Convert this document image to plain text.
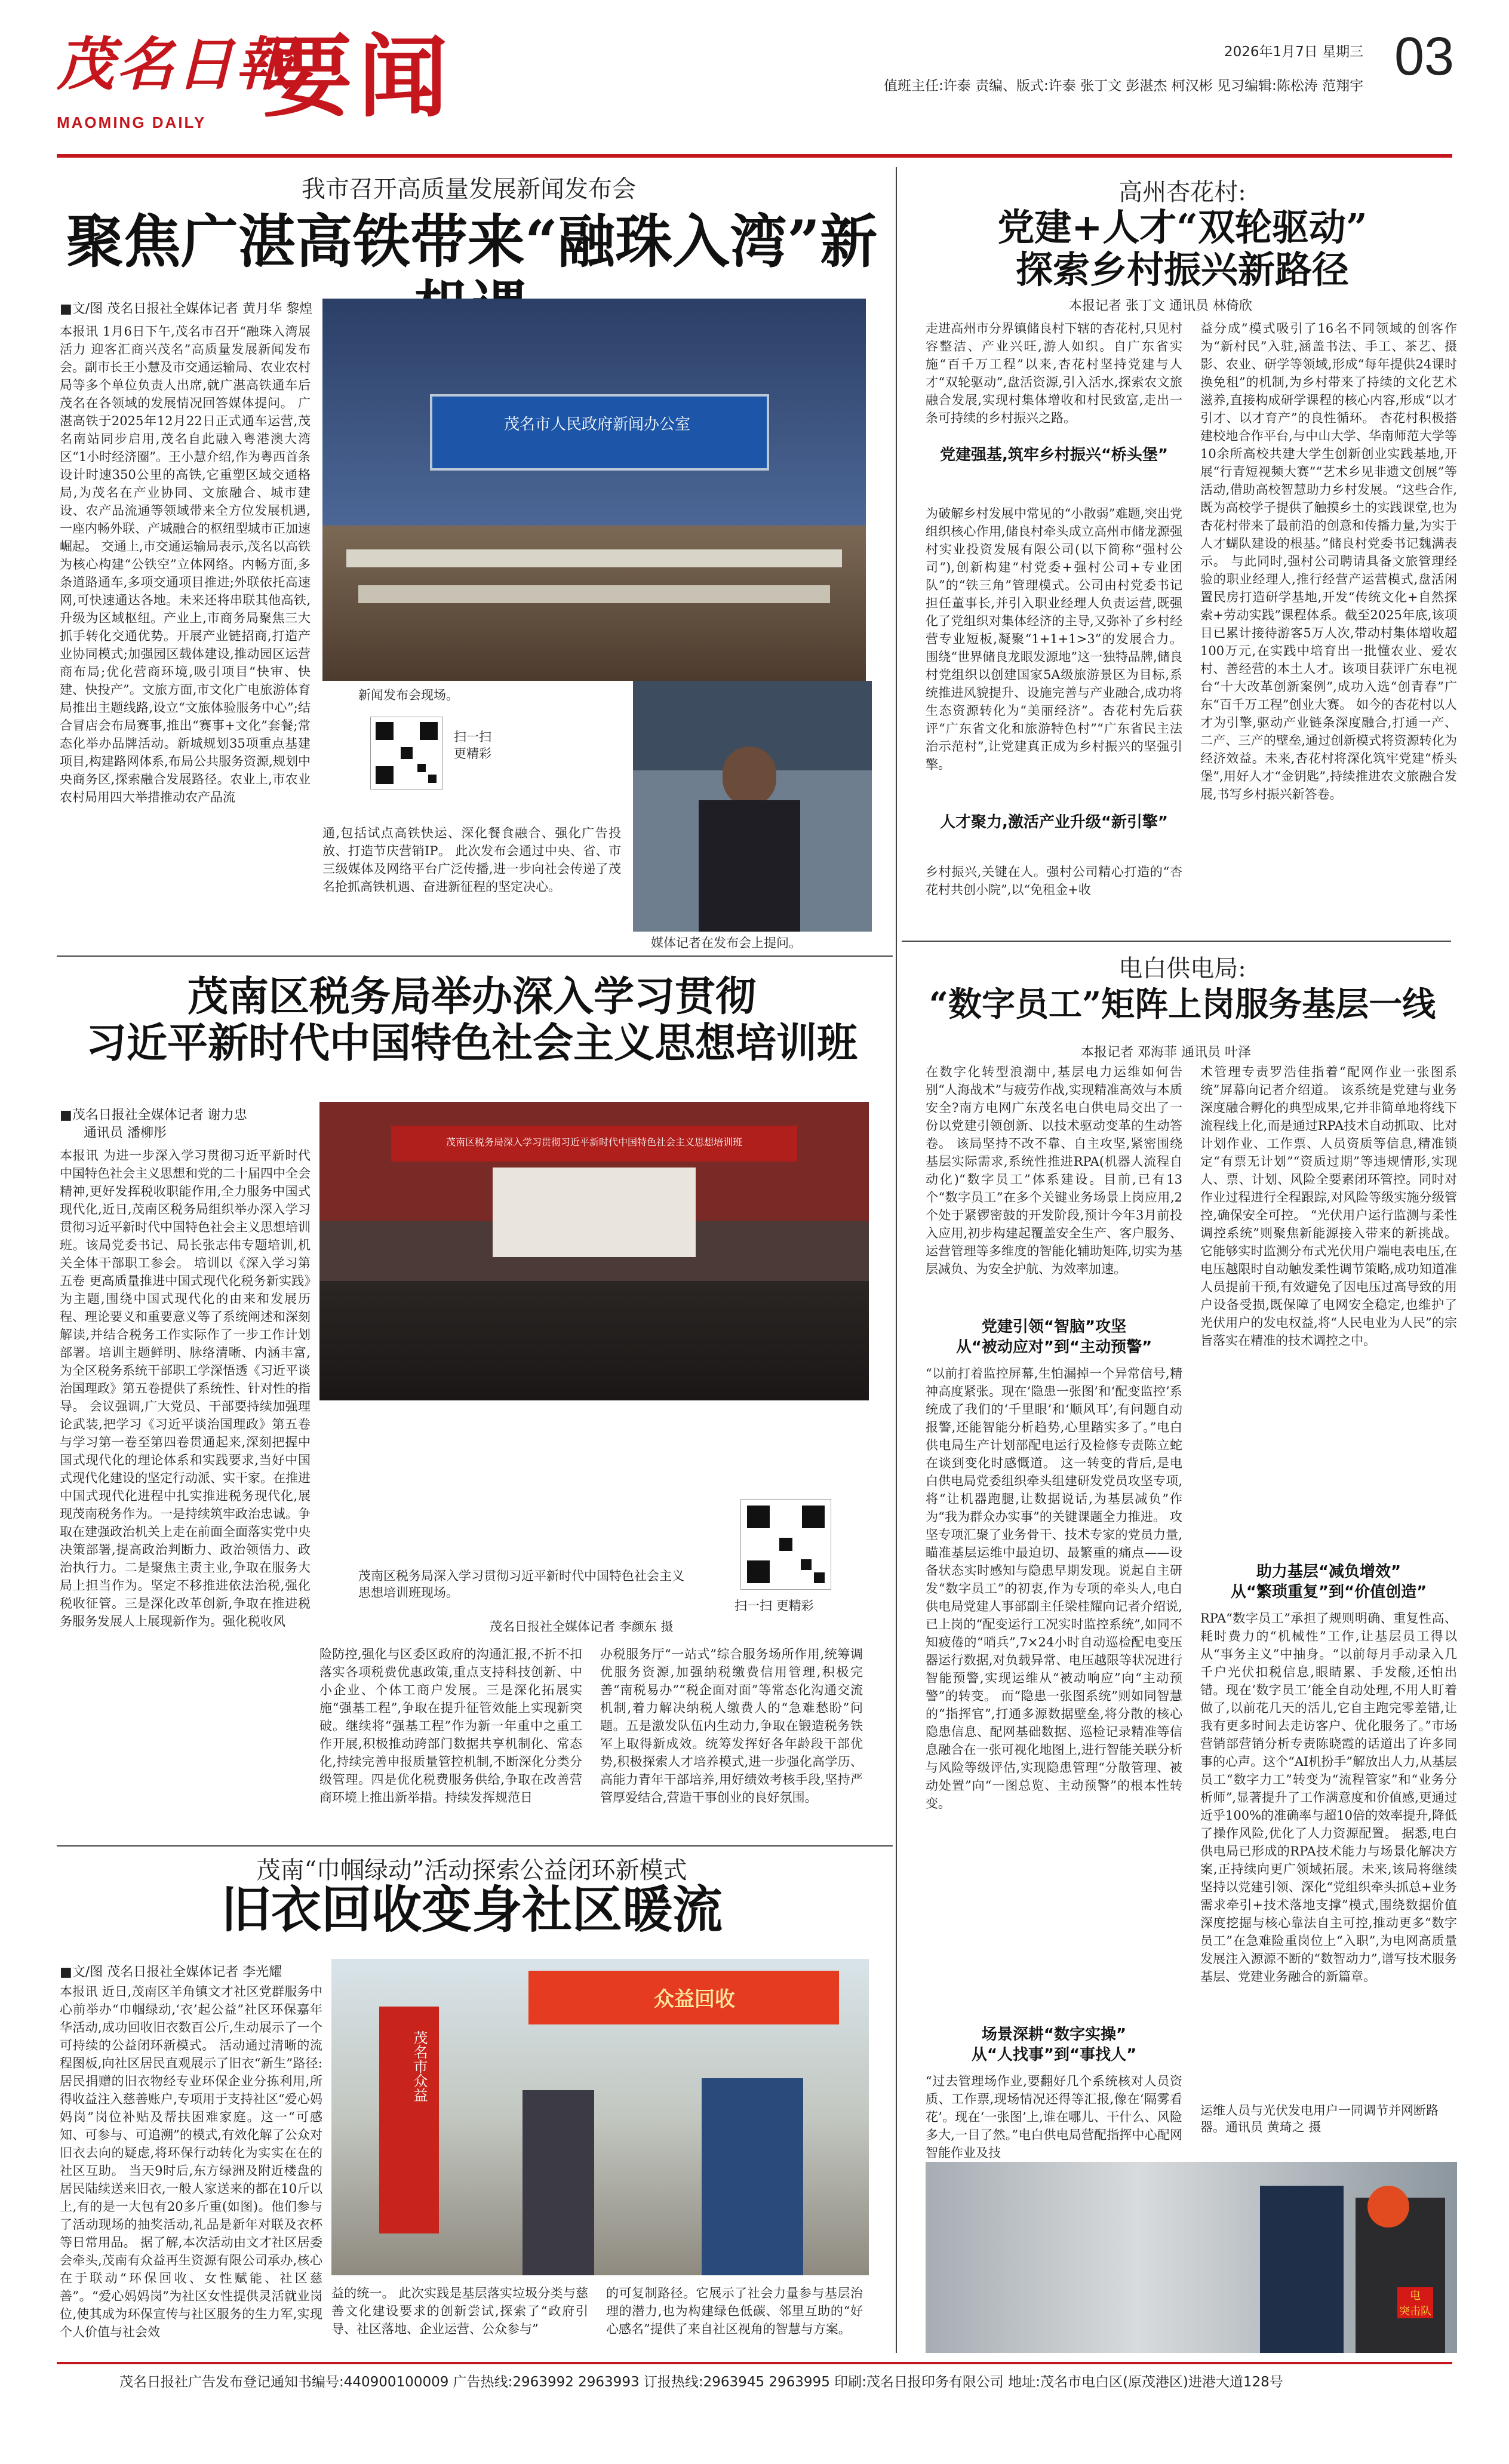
茂名日報
MAOMING DAILY 要闻	2026年1月7日 星期三 03
值班主任:许泰 责编、版式:许泰 张丁文 彭湛杰 柯汉彬 见习编辑:陈松涛 范翔宇
我市召开高质量发展新闻发布会
聚焦广湛高铁带来“融珠入湾”新
■文/图 茂名日报社全媒体记者 黄月华 黎煌
本报讯 1月6日下午,茂名市召开“融珠入湾展活力 迎客汇商兴茂名”高质量发展新闻发布会。副市长王小慧及市交通运输局、农业农村局等多个单位负责人出席,就广湛高铁通车后茂名在各领域的发展情况回答媒体提问。 广湛高铁于2025年12月22日正式通车运营,茂名南站同步启用,茂名自此融入粤港澳大湾区“1小时经济圈”。王小慧介绍,作为粤西首条设计时速350公里的高铁,它重塑区域交通格局,为茂名在产业协同、文旅融合、城市建设、农产品流通等领域带来全方位发展机遇,一座内畅外联、产城融合的枢纽型城市正加速崛起。 交通上,市交通运输局表示,茂名以高铁为核心构建“公铁空”立体网络。内畅方面,多条道路通车,多项交通项目推进;外联依托高速网,可快速通达各地。未来还将串联其他高铁,升级为区域枢纽。产业上,市商务局聚焦三大抓手转化交通优势。开展产业链招商,打造产业协同模式;加强园区载体建设,推动园区运营商布局;优化营商环境,吸引项目“快审、快建、快投产”。文旅方面,市文化广电旅游体育局推出主题线路,设立“文旅体验服务中心”;结合冒店会布局赛事,推出“赛事+文化”套餐;常态化举办品牌活动。新城规划35项重点基建项目,构建路网体系,布局公共服务资源,规划中央商务区,探索融合发展路径。农业上,市农业农村局用四大举措推动农产品流
茂名市人民政府新闻办公室
新闻发布会现场。
扫一扫
更精彩
媒体记者在发布会上提问。
通,包括试点高铁快运、深化餐食融合、强化广告投放、打造节庆营销IP。 此次发布会通过中央、省、市三级媒体及网络平台广泛传播,进一步向社会传递了茂名抢抓高铁机遇、奋进新征程的坚定决心。
高州杏花村:
党建+人才“双轮驱动”
探索乡村振兴新路径
本报记者 张丁文 通讯员 林倚欣
走进高州市分界镇储良村下辖的杏花村,只见村容整洁、产业兴旺,游人如织。自广东省实施“百千万工程”以来,杏花村坚持党建与人才“双轮驱动”,盘活资源,引入活水,探索农文旅融合发展,实现村集体增收和村民致富,走出一条可持续的乡村振兴之路。
党建强基,筑牢乡村振兴“桥头堡”
为破解乡村发展中常见的“小散弱”难题,突出党组织核心作用,储良村牵头成立高州市储龙源强村实业投资发展有限公司(以下简称“强村公司”),创新构建“村党委+强村公司+专业团队”的“铁三角”管理模式。公司由村党委书记担任董事长,并引入职业经理人负责运营,既强化了党组织对集体经济的主导,又弥补了乡村经营专业短板,凝聚“1+1+1>3”的发展合力。 围绕“世界储良龙眼发源地”这一独特品牌,储良村党组织以创建国家5A级旅游景区为目标,系统推进风貌提升、设施完善与产业融合,成功将生态资源转化为“美丽经济”。杏花村先后获评“广东省文化和旅游特色村”“广东省民主法治示范村”,让党建真正成为乡村振兴的坚强引擎。
人才聚力,激活产业升级“新引擎”
乡村振兴,关键在人。强村公司精心打造的“杏花村共创小院”,以“免租金+收
益分成”模式吸引了16名不同领域的创客作为“新村民”入驻,涵盖书法、手工、茶艺、摄影、农业、研学等领域,形成“每年提供24课时换免租”的机制,为乡村带来了持续的文化艺术滋养,直接构成研学课程的核心内容,形成“以才引才、以才育产”的良性循环。 杏花村积极搭建校地合作平台,与中山大学、华南师范大学等10余所高校共建大学生创新创业实践基地,开展“行青短视频大赛”“艺术乡见非遗文创展”等活动,借助高校智慧助力乡村发展。“这些合作,既为高校学子提供了触摸乡土的实践课堂,也为杏花村带来了最前沿的创意和传播力量,为实于人才蝴队建设的根基。”储良村党委书记魏满表示。 与此同时,强村公司聘请具备文旅管理经验的职业经理人,推行经营产运营模式,盘活闲置民房打造研学基地,开发“传统文化+自然探索+劳动实践”课程体系。截至2025年底,该项目已累计接待游客5万人次,带动村集体增收超100万元,在实践中培育出一批懂农业、爱农村、善经营的本土人才。该项目获评广东电视台“十大改革创新案例”,成功入选“创青春”广东“百千万工程”创业大赛。 如今的杏花村以人才为引擎,驱动产业链条深度融合,打通一产、二产、三产的壁垒,通过创新模式将资源转化为经济效益。未来,杏花村将深化筑牢党建“桥头堡”,用好人才“金钥匙”,持续推进农文旅融合发展,书写乡村振兴新答卷。
茂南区税务局举办深入学习贯彻
习近平新时代中国特色社会主义思想培训班
■茂名日报社全媒体记者 谢力忠
通讯员 潘柳彤
本报讯 为进一步深入学习贯彻习近平新时代中国特色社会主义思想和党的二十届四中全会精神,更好发挥税收职能作用,全力服务中国式现代化,近日,茂南区税务局组织举办深入学习贯彻习近平新时代中国特色社会主义思想培训班。该局党委书记、局长张志伟专题培训,机关全体干部职工参会。 培训以《深入学习第五卷 更高质量推进中国式现代化税务新实践》为主题,围绕中国式现代化的由来和发展历程、理论要义和重要意义等了系统阐述和深刻解读,并结合税务工作实际作了一步工作计划部署。培训主题鲜明、脉络清晰、内涵丰富,为全区税务系统干部职工学深悟透《习近平谈治国理政》第五卷提供了系统性、针对性的指导。 会议强调,广大党员、干部要持续加强理论武装,把学习《习近平谈治国理政》第五卷与学习第一卷至第四卷贯通起来,深刻把握中国式现代化的理论体系和实践要求,当好中国式现代化建设的坚定行动派、实干家。在推进中国式现代化进程中扎实推进税务现代化,展现茂南税务作为。一是持续筑牢政治忠诚。争取在建强政治机关上走在前面全面落实党中央决策部署,提高政治判断力、政治领悟力、政治执行力。二是聚焦主责主业,争取在服务大局上担当作为。坚定不移推进依法治税,强化税收征管。三是深化改革创新,争取在推进税务服务发展人上展现新作为。强化税收风
茂南区税务局深入学习贯彻习近平新时代中国特色社会主义思想培训班
茂南区税务局深入学习贯彻习近平新时代中国特色社会主义思想培训班现场。
茂名日报社全媒体记者 李颜东 摄
扫一扫 更精彩
险防控,强化与区委区政府的沟通汇报,不折不扣落实各项税费优惠政策,重点支持科技创新、中小企业、个体工商户发展。三是深化拓展实施“强基工程”,争取在提升征管效能上实现新突破。继续将“强基工程”作为新一年重中之重工作开展,积极推动跨部门数据共享机制化、常态化,持续完善申报质量管控机制,不断深化分类分级管理。四是优化税费服务供给,争取在改善营商环境上推出新举措。持续发挥规范日
办税服务厅“一站式”综合服务场所作用,统筹调优服务资源,加强纳税缴费信用管理,积极完善“南税易办”“税企面对面”等常态化沟通交流机制,着力解决纳税人缴费人的“急难愁盼”问题。五是激发队伍内生动力,争取在锻造税务铁军上取得新成效。统筹发挥好各年龄段干部优势,积极探索人才培养模式,进一步强化高学历、高能力青年干部培养,用好绩效考核手段,坚持严管厚爱结合,营造干事创业的良好氛围。
电白供电局:
“数字员工”矩阵上岗服务基层一线
本报记者 邓海菲 通讯员 叶泽
在数字化转型浪潮中,基层电力运维如何告别“人海战术”与疲劳作战,实现精准高效与本质安全?南方电网广东茂名电白供电局交出了一份以党建引领创新、以技术驱动变革的生动答卷。 该局坚持不改不靠、自主攻坚,紧密围绕基层实际需求,系统性推进RPA(机器人流程自动化)“数字员工”体系建设。目前,已有13个“数字员工”在多个关键业务场景上岗应用,2个处于紧锣密鼓的开发阶段,预计今年3月前投入应用,初步构建起覆盖安全生产、客户服务、运营管理等多维度的智能化辅助矩阵,切实为基层减负、为安全护航、为效率加速。
党建引领“智脑”攻坚
从“被动应对”到“主动预警”
“以前打着监控屏幕,生怕漏掉一个异常信号,精神高度紧张。现在‘隐患一张图’和‘配变监控’系统成了我们的‘千里眼’和‘顺风耳’,有问题自动报警,还能智能分析趋势,心里踏实多了。”电白供电局生产计划部配电运行及检修专责陈立蛇在谈到变化时感慨道。 这一转变的背后,是电白供电局党委组织牵头组建研发党员攻坚专项,将“让机器跑腿,让数据说话,为基层减负”作为“我为群众办实事”的关键课题全力推进。 攻坚专项汇聚了业务骨干、技术专家的党员力量,瞄准基层运维中最迫切、最繁重的痛点——设备状态实时感知与隐患早期发现。说起自主研发“数字员工”的初衷,作为专项的牵头人,电白供电局党建人事部副主任梁桂耀向记者介绍说,已上岗的“配变运行工况实时监控系统”,如同不知疲倦的“哨兵”,7×24小时自动巡检配电变压器运行数据,对负载异常、电压越限等状况进行智能预警,实现运维从“被动响应”向“主动预警”的转变。 而“隐患一张图系统”则如同智慧的“指挥官”,打通多源数据壁垒,将分散的核心隐患信息、配网基础数据、巡检记录精准等信息融合在一张可视化地图上,进行智能关联分析与风险等级评估,实现隐患管理“分散管理、被动处置”向“一图总览、主动预警”的根本性转变。
场景深耕“数字实操”
从“人找事”到“事找人”
“过去管理场作业,要翻好几个系统核对人员资质、工作票,现场情况还得等汇报,像在‘隔雾看花’。现在‘一张图’上,谁在哪儿、干什么、风险多大,一目了然。”电白供电局营配指挥中心配网智能作业及技
术管理专责罗浩佳指着“配网作业一张图系统”屏幕向记者介绍道。 该系统是党建与业务深度融合孵化的典型成果,它并非简单地将线下流程线上化,而是通过RPA技术自动抓取、比对计划作业、工作票、人员资质等信息,精准锁定“有票无计划”“资质过期”等违规情形,实现人、票、计划、风险全要素闭环管控。同时对作业过程进行全程跟踪,对风险等级实施分级管控,确保安全可控。 “光伏用户运行监测与柔性调控系统”则聚焦新能源接入带来的新挑战。它能够实时监测分布式光伏用户端电表电压,在电压越限时自动触发柔性调节策略,成功知道准人员提前干预,有效避免了因电压过高导致的用户设备受损,既保障了电网安全稳定,也维护了光伏用户的发电权益,将“人民电业为人民”的宗旨落实在精准的技术调控之中。
助力基层“减负增效”
从“繁琐重复”到“价值创造”
RPA“数字员工”承担了规则明确、重复性高、耗时费力的“机械性”工作,让基层员工得以从“事务主义”中抽身。“以前每月手动录入几千户光伏扣税信息,眼睛累、手发酸,还怕出错。现在‘数字员工’能全自动处理,不用人盯着做了,以前花几天的活儿,它自主跑完零差错,让我有更多时间去走访客户、优化服务了。”市场营销部营销分析专责陈晓霞的话道出了许多同事的心声。这个“AI机扮手”解放出人力,从基层员工“数字力工”转变为“流程管家”和“业务分析师”,显著提升了工作满意度和价值感,更通过近乎100%的准确率与超10倍的效率提升,降低了操作风险,优化了人力资源配置。 据悉,电白供电局已形成的RPA技术能力与场景化解决方案,正持续向更广领域拓展。未来,该局将继续坚持以党建引领、深化“党组织牵头抓总+业务需求牵引+技术落地支撑”模式,围绕数据价值深度挖掘与核心靠法自主可控,推动更多“数字员工”在急难险重岗位上“入职”,为电网高质量发展注入源源不断的“数智动力”,谱写技术服务基层、党建业务融合的新篇章。
运维人员与光伏发电用户一同调节并网断路器。通讯员 黄琦之 摄
电
突击队
茂南“巾帼绿动”活动探索公益闭环新模式
旧衣回收变身社区暖流
■文/图 茂名日报社全媒体记者 李光耀
本报讯 近日,茂南区羊角镇文才社区党群服务中心前举办“巾帼绿动,‘衣’起公益”社区环保嘉年华活动,成功回收旧衣数百公斤,生动展示了一个可持续的公益闭环新模式。 活动通过清晰的流程图板,向社区居民直观展示了旧衣“新生”路径:居民捐赠的旧衣物经专业环保企业分拣利用,所得收益注入慈善账户,专项用于支持社区“爱心妈妈岗”岗位补贴及帮扶困难家庭。这一“可感知、可参与、可追溯”的模式,有效化解了公众对旧衣去向的疑虑,将环保行动转化为实实在在的社区互助。 当天9时后,东方绿洲及附近楼盘的居民陆续送来旧衣,一般人家送来的都在10斤以上,有的是一大包有20多斤重(如图)。他们参与了活动现场的抽奖活动,礼品是新年对联及衣杯等日常用品。 据了解,本次活动由文才社区居委会牵头,茂南有众益再生资源有限公司承办,核心在于联动“环保回收、女性赋能、社区慈善”。“爱心妈妈岗”为社区女性提供灵活就业岗位,使其成为环保宣传与社区服务的生力军,实现个人价值与社会效
众益回收
茂名市众益
益的统一。 此次实践是基层落实垃圾分类与慈善文化建设要求的创新尝试,探索了“政府引导、社区落地、企业运营、公众参与”
的可复制路径。它展示了社会力量参与基层治理的潜力,也为构建绿色低碳、邻里互助的“好心感名”提供了来自社区视角的智慧与方案。
茂名日报社广告发布登记通知书编号:440900100009 广告热线:2963992 2963993 订报热线:2963945 2963995 印刷:茂名日报印务有限公司 地址:茂名市电白区(原茂港区)进港大道128号
